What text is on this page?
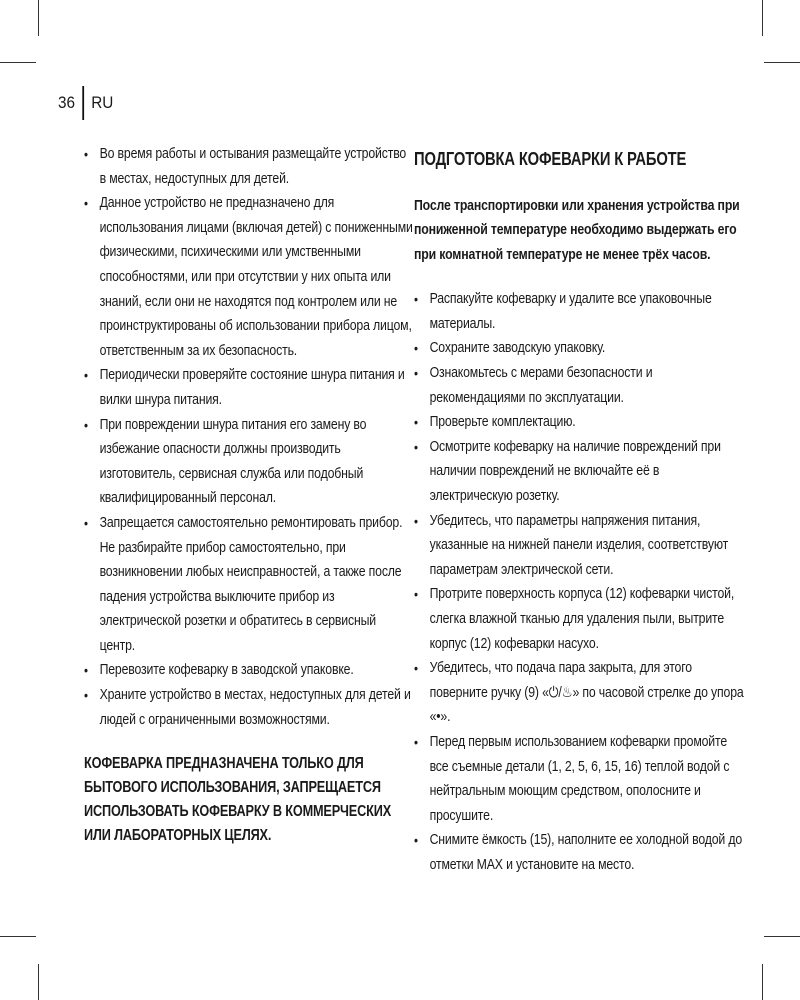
36 RU
• Во время работы и остывания размещайте устройство в местах, недоступных для детей.
• Данное устройство не предназначено для использования лицами (включая детей) с пониженными физическими, психическими или умственными способностями, или при отсутствии у них опыта или знаний, если они не находятся под контролем или не проинструктированы об использовании прибора лицом, ответственным за их безопасность.
• Периодически проверяйте состояние шнура питания и вилки шнура питания.
• При повреждении шнура питания его замену во избежание опасности должны производить изготовитель, сервисная служба или подобный квалифицированный персонал.
• Запрещается самостоятельно ремонтировать прибор. Не разбирайте прибор самостоятельно, при возникновении любых неисправностей, а также после падения устройства выключите прибор из электрической розетки и обратитесь в сервисный центр.
• Перевозите кофеварку в заводской упаковке.
• Храните устройство в местах, недоступных для детей и людей с ограниченными возможностями.
КОФЕВАРКА ПРЕДНАЗНАЧЕНА ТОЛЬКО ДЛЯ БЫТОВОГО ИСПОЛЬЗОВАНИЯ, ЗАПРЕЩАЕТСЯ ИСПОЛЬЗОВАТЬ КОФЕВАРКУ В КОММЕРЧЕСКИХ ИЛИ ЛАБОРАТОРНЫХ ЦЕЛЯХ.
ПОДГОТОВКА КОФЕВАРКИ К РАБОТЕ
После транспортировки или хранения устройства при пониженной температуре необходимо выдержать его при комнатной температуре не менее трёх часов.
• Распакуйте кофеварку и удалите все упаковочные материалы.
• Сохраните заводскую упаковку.
• Ознакомьтесь с мерами безопасности и рекомендациями по эксплуатации.
• Проверьте комплектацию.
• Осмотрите кофеварку на наличие повреждений при наличии повреждений не включайте её в электрическую розетку.
• Убедитесь, что параметры напряжения питания, указанные на нижней панели изделия, соответствуют параметрам электрической сети.
• Протрите поверхность корпуса (12) кофеварки чистой, слегка влажной тканью для удаления пыли, вытрите корпус (12) кофеварки насухо.
• Убедитесь, что подача пара закрыта, для этого поверните ручку (9) «⏻/♨» по часовой стрелке до упора «•».
• Перед первым использованием кофеварки промойте все съемные детали (1, 2, 5, 6, 15, 16) теплой водой с нейтральным моющим средством, ополосните и просушите.
• Снимите ёмкость (15), наполните ее холодной водой до отметки MAX и установите на место.
